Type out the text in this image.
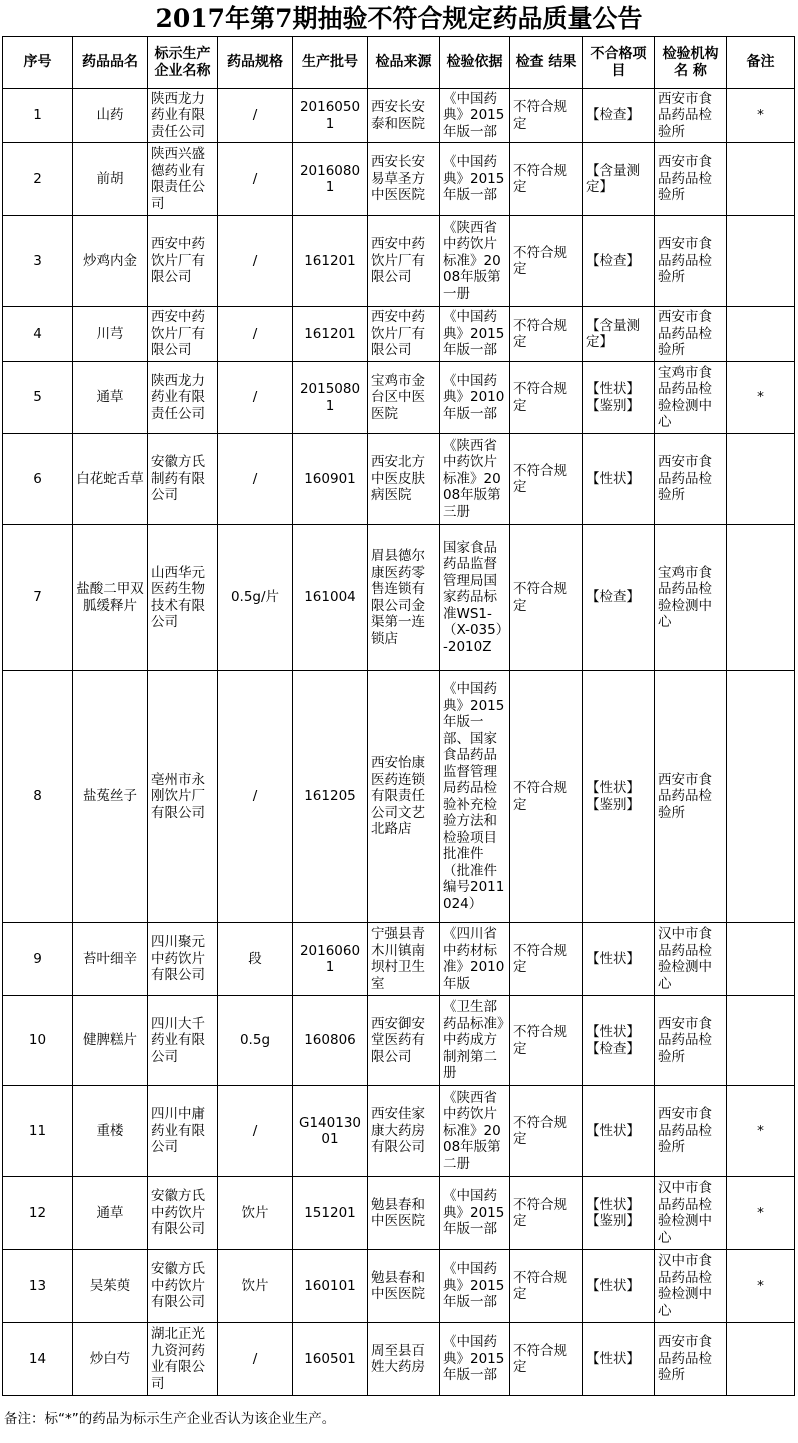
2017年第7期抽验不符合规定药品质量公告
序号	药品品名	标示生产企业名称	药品规格	生产批号	检品来源	检验依据	检查 结果	不合格项目	检验机构名 称	备注
1	山药	陕西龙力药业有限责任公司	/	20160501	西安长安泰和医院	《中国药典》2015年版一部	不符合规定	【检查】	西安市食品药品检验所	*
2	前胡	陕西兴盛德药业有限责任公司	/	20160801	西安长安易草圣方中医医院	《中国药典》2015年版一部	不符合规定	【含量测定】	西安市食品药品检验所	
3	炒鸡内金	西安中药饮片厂有限公司	/	161201	西安中药饮片厂有限公司	《陕西省中药饮片标准》2008年版第一册	不符合规定	【检查】	西安市食品药品检验所	
4	川芎	西安中药饮片厂有限公司	/	161201	西安中药饮片厂有限公司	《中国药典》2015年版一部	不符合规定	【含量测定】	西安市食品药品检验所	
5	通草	陕西龙力药业有限责任公司	/	20150801	宝鸡市金台区中医医院	《中国药典》2010年版一部	不符合规定	【性状】【鉴别】	宝鸡市食品药品检验检测中心	*
6	白花蛇舌草	安徽方氏制药有限公司	/	160901	西安北方中医皮肤病医院	《陕西省中药饮片标准》2008年版第三册	不符合规定	【性状】	西安市食品药品检验所	
7	盐酸二甲双胍缓释片	山西华元医药生物技术有限公司	0.5g/片	161004	眉县德尔康医药零售连锁有限公司金渠第一连锁店	国家食品药品监督管理局国家药品标准WS1-（X-035）-2010Z	不符合规定	【检查】	宝鸡市食品药品检验检测中心	
8	盐菟丝子	亳州市永刚饮片厂有限公司	/	161205	西安怡康医药连锁有限责任公司文艺北路店	《中国药典》2015年版一部、国家食品药品监督管理局药品检验补充检验方法和检验项目批准件（批准件编号2011024）	不符合规定	【性状】【鉴别】	西安市食品药品检验所	
9	苔叶细辛	四川聚元中药饮片有限公司	段	20160601	宁强县青木川镇南坝村卫生室	《四川省中药材标准》2010年版	不符合规定	【性状】	汉中市食品药品检验检测中心	
10	健脾糕片	四川大千药业有限公司	0.5g	160806	西安御安堂医药有限公司	《卫生部药品标准》中药成方制剂第二册	不符合规定	【性状】【检查】	西安市食品药品检验所	
11	重楼	四川中庸药业有限公司	/	G14013001	西安佳家康大药房有限公司	《陕西省中药饮片标准》2008年版第二册	不符合规定	【性状】	西安市食品药品检验所	*
12	通草	安徽方氏中药饮片有限公司	饮片	151201	勉县春和中医医院	《中国药典》2015年版一部	不符合规定	【性状】【鉴别】	汉中市食品药品检验检测中心	*
13	吴茱萸	安徽方氏中药饮片有限公司	饮片	160101	勉县春和中医医院	《中国药典》2015年版一部	不符合规定	【性状】	汉中市食品药品检验检测中心	*
14	炒白芍	湖北正光九资河药业有限公司	/	160501	周至县百姓大药房	《中国药典》2015年版一部	不符合规定	【性状】	西安市食品药品检验所	
备注：标“*”的药品为标示生产企业否认为该企业生产。
